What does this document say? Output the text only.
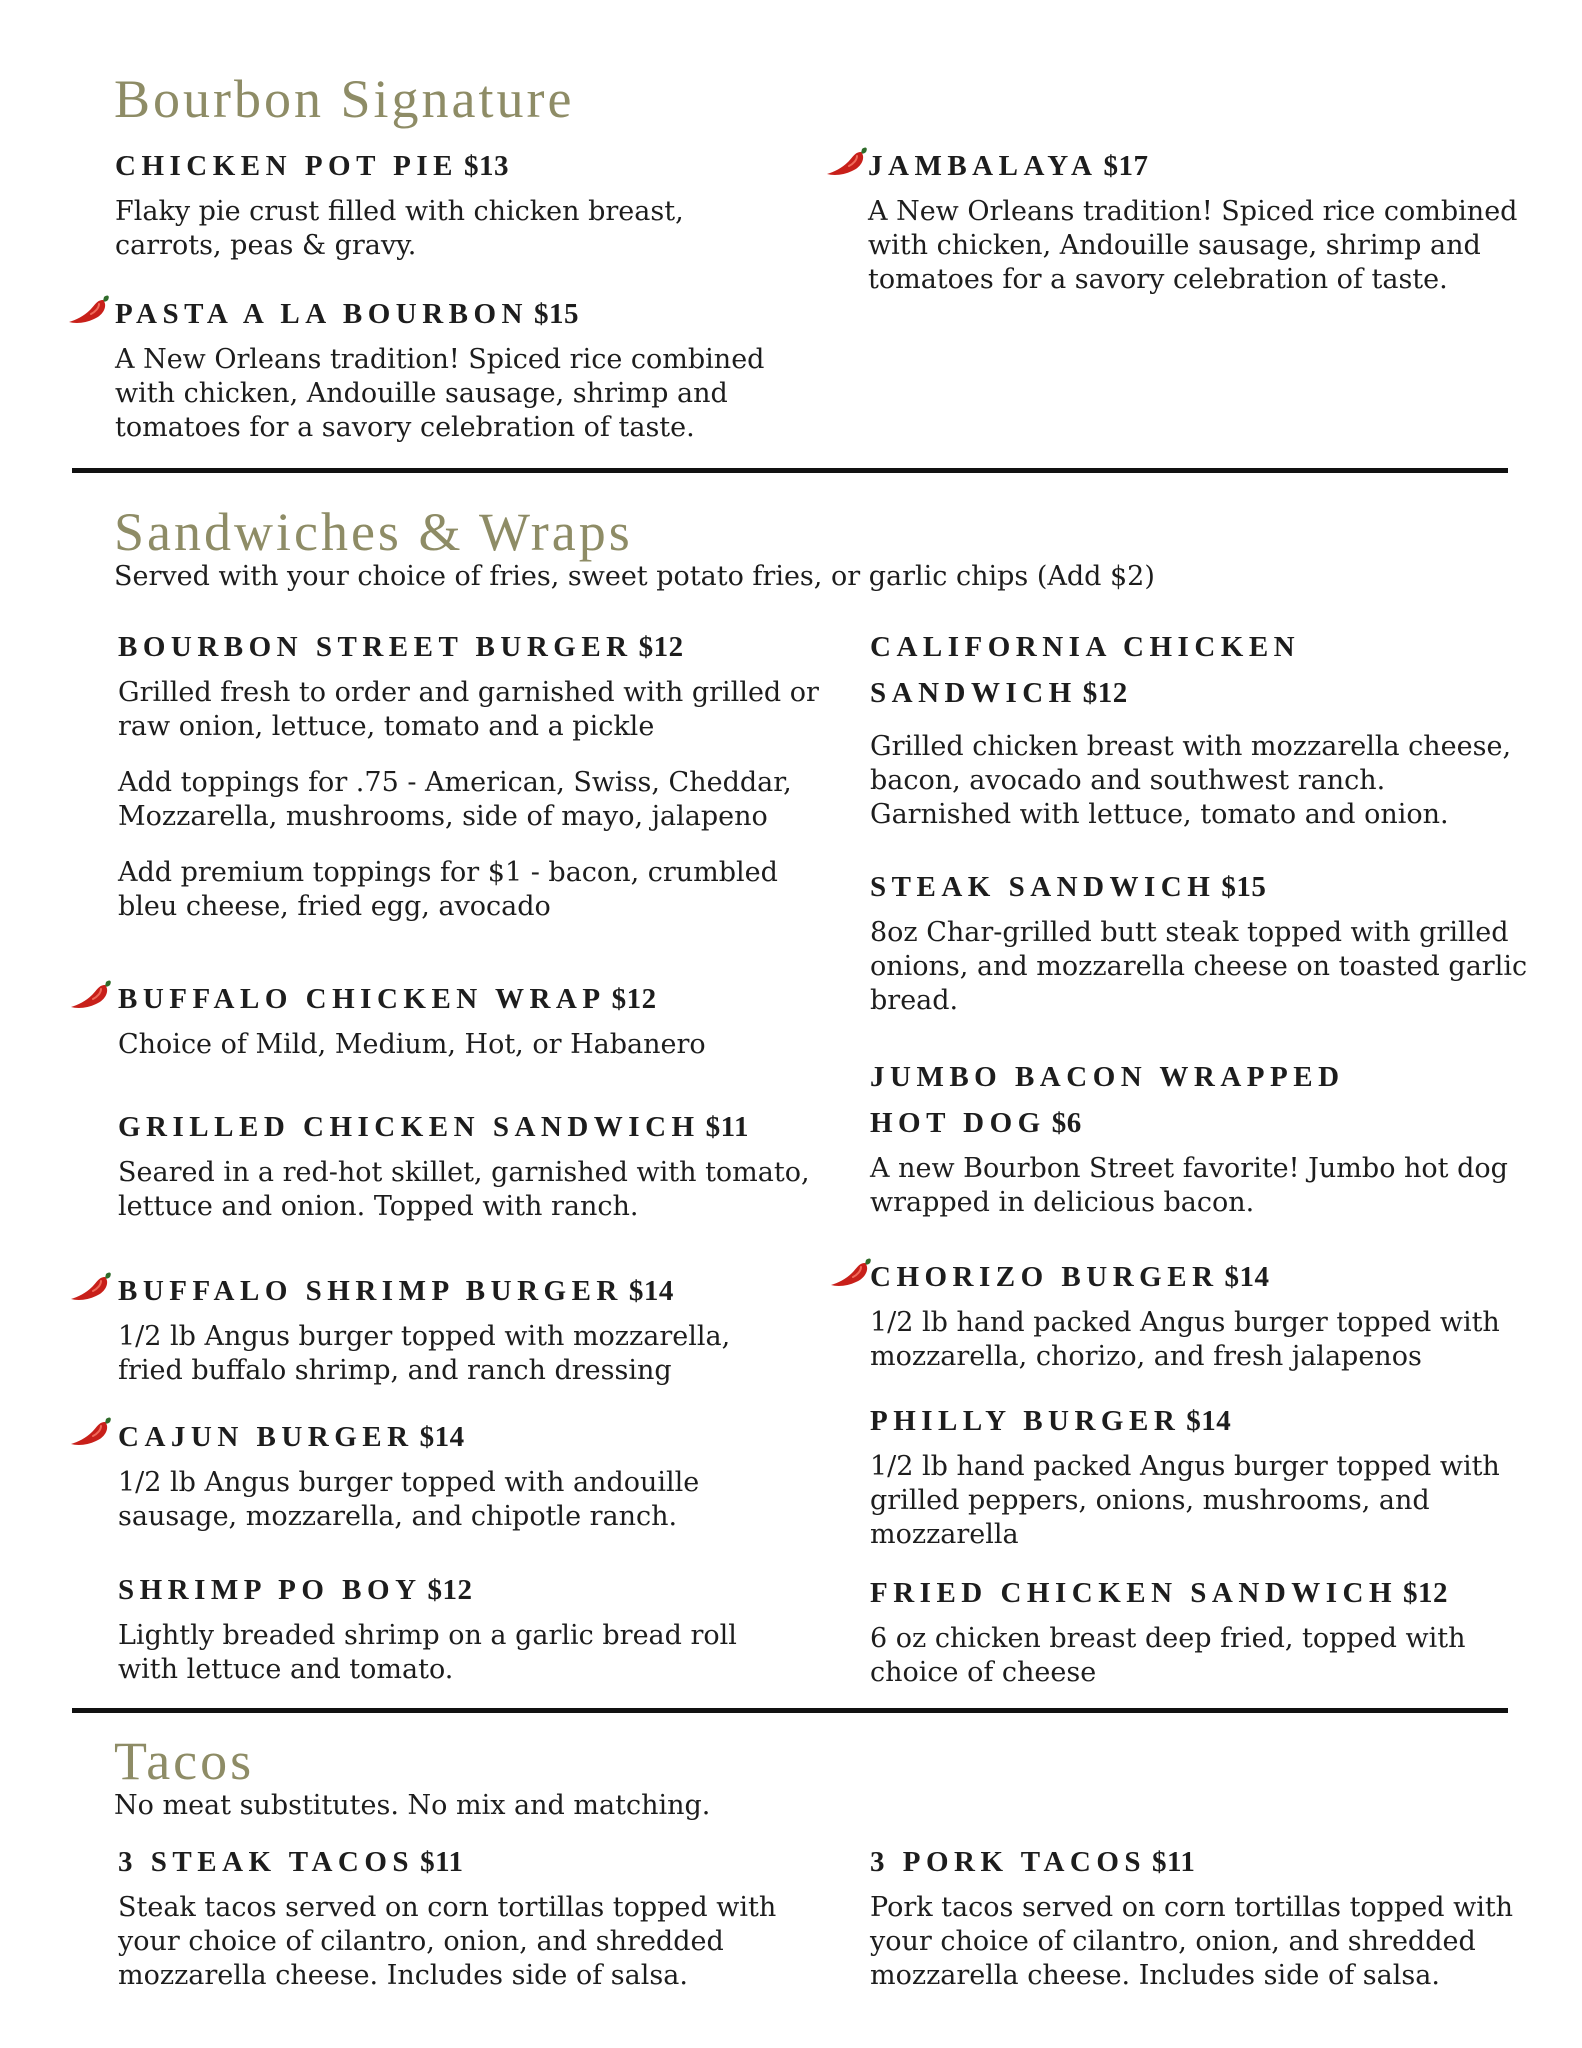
Bourbon Signature
CHICKEN POT PIE $13
Flaky pie crust filled with chicken breast, carrots, peas & gravy.
PASTA A LA BOURBON $15
A New Orleans tradition! Spiced rice combined with chicken, Andouille sausage, shrimp and tomatoes for a savory celebration of taste.
JAMBALAYA $17
A New Orleans tradition! Spiced rice combined with chicken, Andouille sausage, shrimp and tomatoes for a savory celebration of taste.
Sandwiches & Wraps

Served with your choice of fries, sweet potato fries, or garlic chips (Add $2)

BOURBON STREET BURGER $12
Grilled fresh to order and garnished with grilled or raw onion, lettuce, tomato and a pickle
Add toppings for .75 - American, Swiss, Cheddar, Mozzarella, mushrooms, side of mayo, jalapeno
Add premium toppings for $1 - bacon, crumbled bleu cheese, fried egg, avocado
BUFFALO CHICKEN WRAP $12
Choice of Mild, Medium, Hot, or Habanero
GRILLED CHICKEN SANDWICH $11
Seared in a red-hot skillet, garnished with tomato, lettuce and onion. Topped with ranch.
BUFFALO SHRIMP BURGER $14
1/2 lb Angus burger topped with mozzarella, fried buffalo shrimp, and ranch dressing
CAJUN BURGER $14
1/2 lb Angus burger topped with andouille sausage, mozzarella, and chipotle ranch.
SHRIMP PO BOY $12
Lightly breaded shrimp on a garlic bread roll with lettuce and tomato.
CALIFORNIA CHICKEN SANDWICH $12
Grilled chicken breast with mozzarella cheese, bacon, avocado and southwest ranch. Garnished with lettuce, tomato and onion.
STEAK SANDWICH $15
8oz Char-grilled butt steak topped with grilled onions, and mozzarella cheese on toasted garlic bread.
JUMBO BACON WRAPPED HOT DOG $6
A new Bourbon Street favorite! Jumbo hot dog wrapped in delicious bacon.
CHORIZO BURGER $14
1/2 lb hand packed Angus burger topped with mozzarella, chorizo, and fresh jalapenos
PHILLY BURGER $14
1/2 lb hand packed Angus burger topped with grilled peppers, onions, mushrooms, and mozzarella
FRIED CHICKEN SANDWICH $12
6 oz chicken breast deep fried, topped with choice of cheese
Tacos

No meat substitutes. No mix and matching.

3 STEAK TACOS $11
Steak tacos served on corn tortillas topped with your choice of cilantro, onion, and shredded mozzarella cheese. Includes side of salsa.
3 PORK TACOS $11
Pork tacos served on corn tortillas topped with your choice of cilantro, onion, and shredded mozzarella cheese. Includes side of salsa.
